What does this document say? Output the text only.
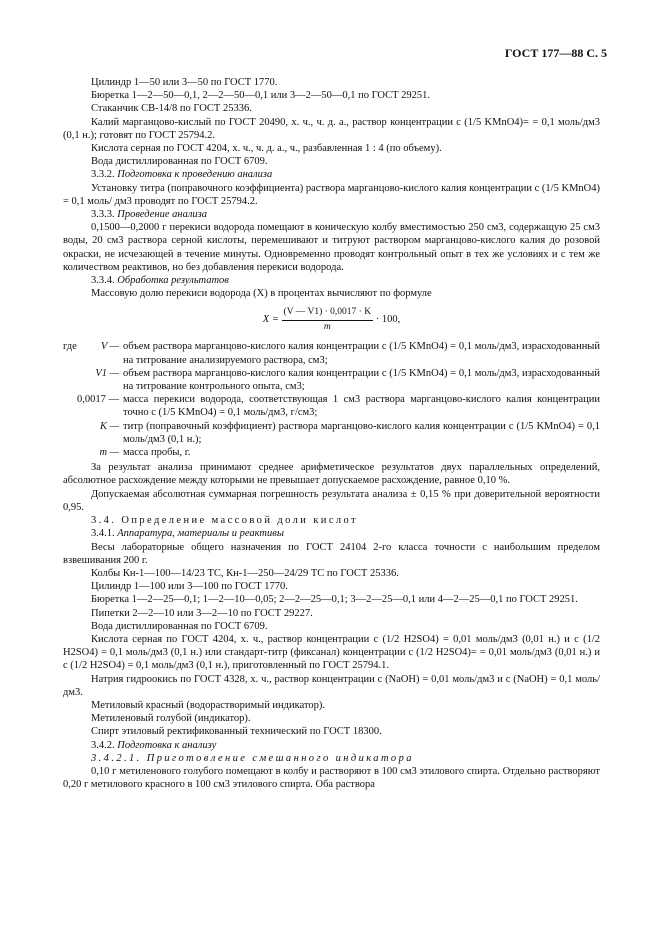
ГОСТ 177—88 С. 5

Цилиндр 1—50 или 3—50 по ГОСТ 1770.

Бюретка 1—2—50—0,1, 2—2—50—0,1 или 3—2—50—0,1 по ГОСТ 29251.

Стаканчик СВ-14/8 по ГОСТ 25336.

Калий марганцово-кислый по ГОСТ 20490, х. ч., ч. д. а., раствор концентрации c (1/5 KMnO4)= = 0,1 моль/дм3 (0,1 н.); готовят по ГОСТ 25794.2.

Кислота серная по ГОСТ 4204, х. ч., ч. д. а., ч., разбавленная 1 : 4 (по объему).

Вода дистиллированная по ГОСТ 6709.

3.3.2. Подготовка к проведению анализа

Установку титра (поправочного коэффициента) раствора марганцово-кислого калия концентрации c (1/5 KMnO4) = 0,1 моль/ дм3 проводят по ГОСТ 25794.2.

3.3.3. Проведение анализа

0,1500—0,2000 г перекиси водорода помещают в коническую колбу вместимостью 250 см3, содержащую 25 см3 воды, 20 см3 раствора серной кислоты, перемешивают и титруют раствором марганцово-кислого калия до розовой окраски, не исчезающей в течение минуты. Одновременно проводят контрольный опыт в тех же условиях и с тем же количеством реактивов, но без добавления перекиси водорода.

3.3.4. Обработка результатов

Массовую долю перекиси водорода (X) в процентах вычисляют по формуле

$X = \frac{(V — V1) \cdot 0,0017 \cdot K}{m} \cdot 100$,
где	V — объем раствора марганцово-кислого калия концентрации c (1/5 KMnO4) = 0,1 моль/дм3, израсходованный на титрование анализируемого раствора, см3;
V1 — объем раствора марганцово-кислого калия концентрации c (1/5 KMnO4) = 0,1 моль/дм3, израсходованный на титрование контрольного опыта, см3;
0,0017 — масса перекиси водорода, соответствующая 1 см3 раствора марганцово-кислого калия концентрации точно c (1/5 KMnO4) = 0,1 моль/дм3, г/см3;
K — титр (поправочный коэффициент) раствора марганцово-кислого калия концентрации c (1/5 KMnO4) = 0,1 моль/дм3 (0,1 н.);
m — масса пробы, г.

За результат анализа принимают среднее арифметическое результатов двух параллельных определений, абсолютное расхождение между которыми не превышает допускаемое расхождение, равное 0,10 %.

Допускаемая абсолютная суммарная погрешность результата анализа ± 0,15 % при доверительной вероятности 0,95.

3.4. Определение массовой доли кислот

3.4.1. Аппаратура, материалы и реактивы

Весы лабораторные общего назначения по ГОСТ 24104 2-го класса точности с наибольшим пределом взвешивания 200 г.

Колбы Кн-1—100—14/23 ТС, Кн-1—250—24/29 ТС по ГОСТ 25336.

Цилиндр 1—100 или 3—100 по ГОСТ 1770.

Бюретка 1—2—25—0,1; 1—2—10—0,05; 2—2—25—0,1; 3—2—25—0,1 или 4—2—25—0,1 по ГОСТ 29251.

Пипетки 2—2—10 или 3—2—10 по ГОСТ 29227.

Вода дистиллированная по ГОСТ 6709.

Кислота серная по ГОСТ 4204, х. ч., раствор концентрации c (1/2 H2SO4) = 0,01 моль/дм3 (0,01 н.) и c (1/2 H2SO4) = 0,1 моль/дм3 (0,1 н.) или стандарт-титр (фиксанал) концентрации c (1/2 H2SO4)= = 0,01 моль/дм3 (0,01 н.) и c (1/2 H2SO4) = 0,1 моль/дм3 (0,1 н.), приготовленный по ГОСТ 25794.1.

Натрия гидроокись по ГОСТ 4328, х. ч., раствор концентрации c (NaOH) = 0,01 моль/дм3 и c (NaOH) = 0,1 моль/ дм3.

Метиловый красный (водорастворимый индикатор).

Метиленовый голубой (индикатор).

Спирт этиловый ректификованный технический по ГОСТ 18300.

3.4.2. Подготовка к анализу

3.4.2.1. Приготовление смешанного индикатора

0,10 г метиленового голубого помещают в колбу и растворяют в 100 см3 этилового спирта. Отдельно растворяют 0,20 г метилового красного в 100 см3 этилового спирта. Оба раствора
